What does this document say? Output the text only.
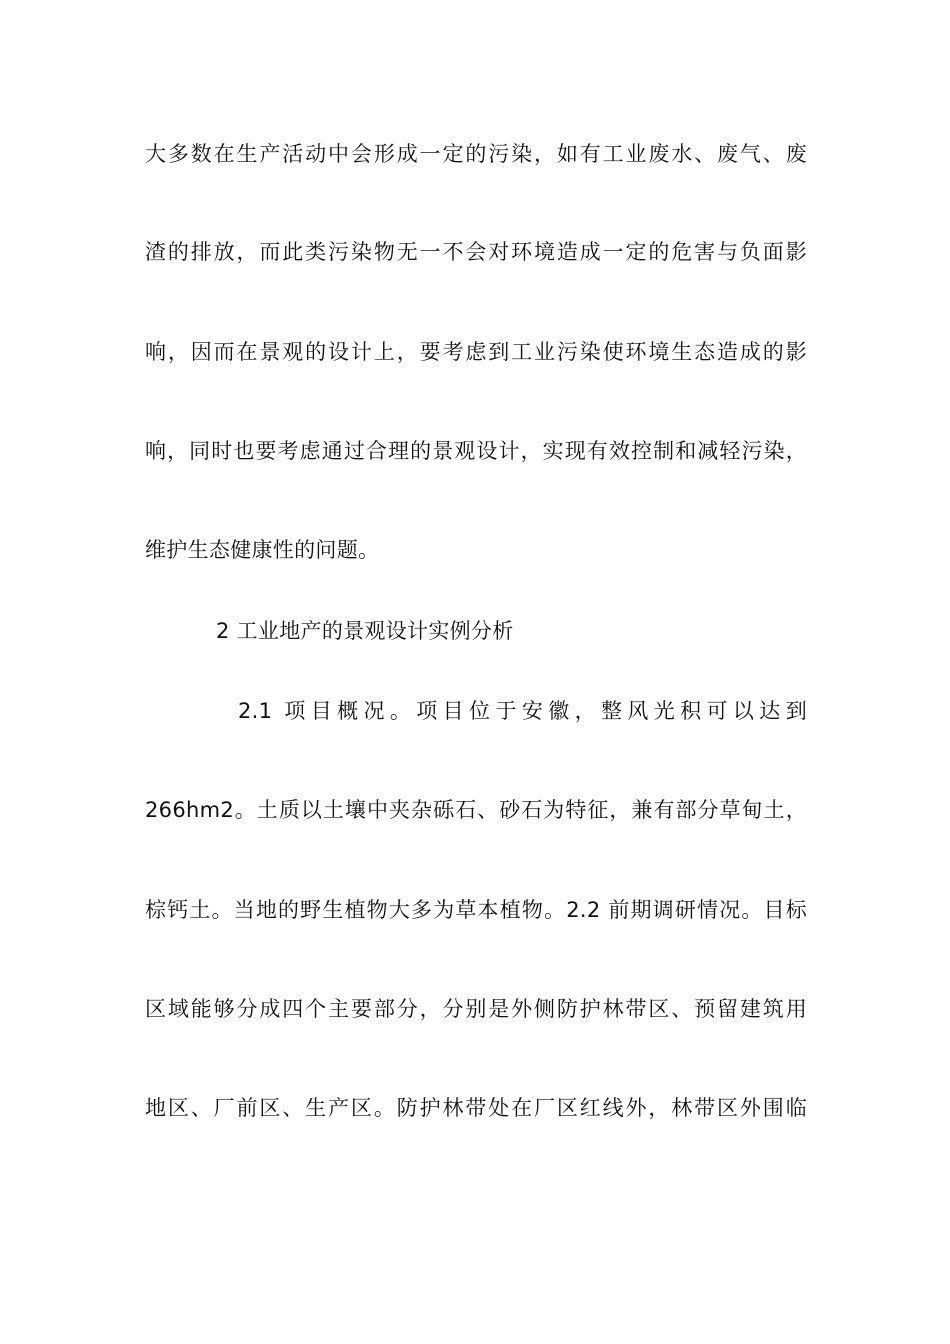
大多数在生产活动中会形成一定的污染，如有工业废水、废气、废
渣的排放，而此类污染物无一不会对环境造成一定的危害与负面影
响，因而在景观的设计上，要考虑到工业污染使环境生态造成的影
响，同时也要考虑通过合理的景观设计，实现有效控制和减轻污染，
维护生态健康性的问题。
2 工业地产的景观设计实例分析
2.1 项目概况。项目位于安徽，整风光积可以达到
266hm2。土质以土壤中夹杂砾石、砂石为特征，兼有部分草甸土，
棕钙土。当地的野生植物大多为草本植物。2.2 前期调研情况。目标
区域能够分成四个主要部分，分别是外侧防护林带区、预留建筑用
地区、厂前区、生产区。防护林带处在厂区红线外，林带区外围临
